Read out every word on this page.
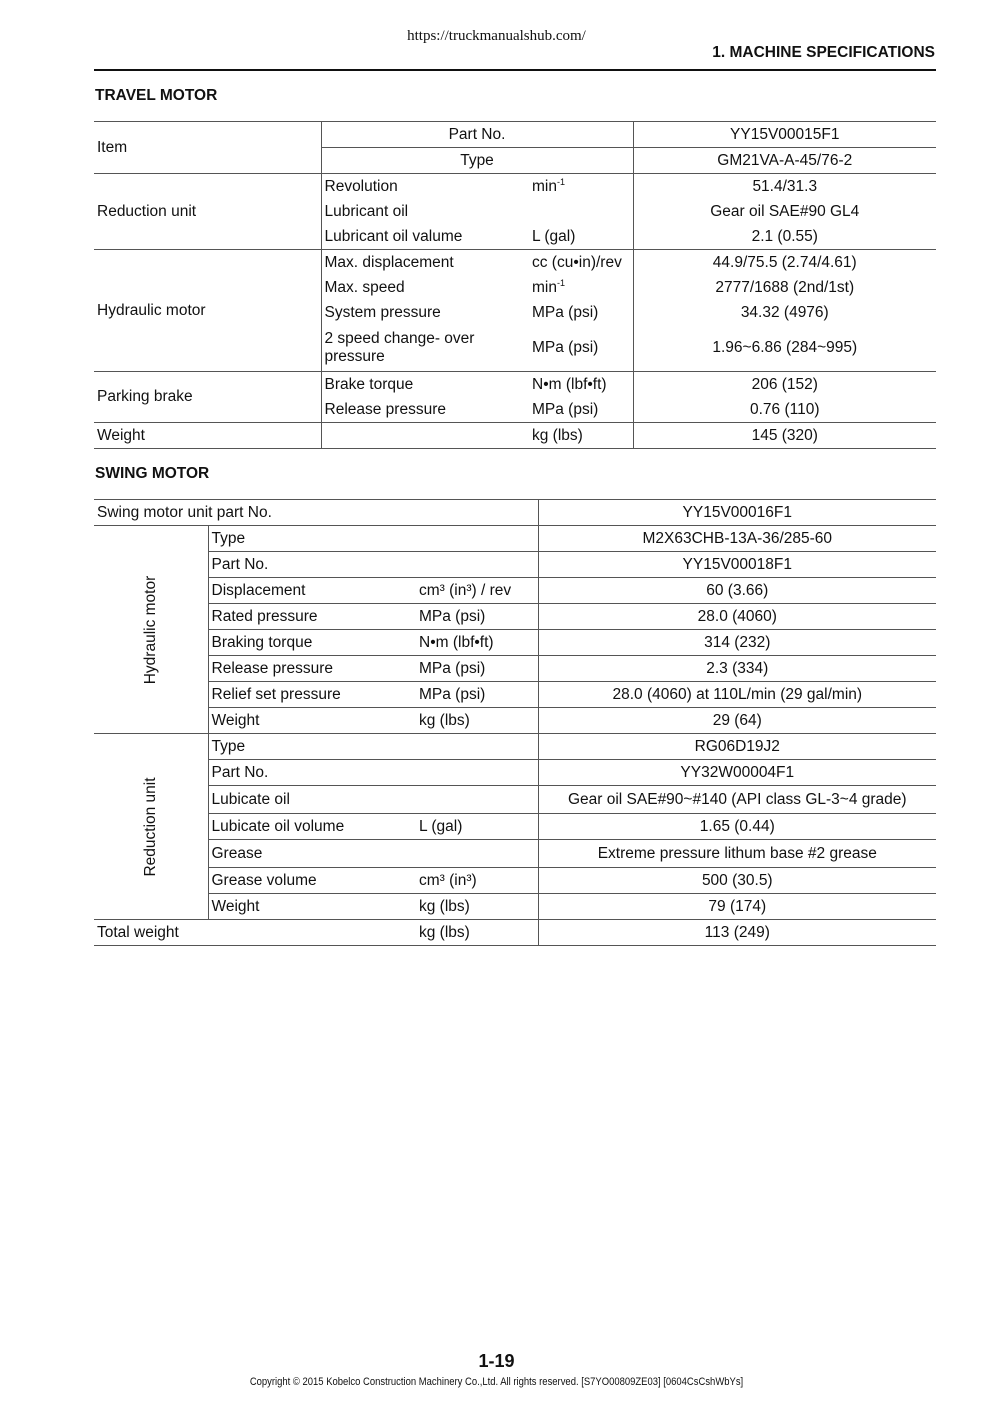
https://truckmanualshub.com/
1. MACHINE SPECIFICATIONS
TRAVEL MOTOR
Item	Part No.		YY15V00015F1
	Type		GM21VA-A-45/76-2
Reduction unit	Revolution	$\min^{-1}$	51.4/31.3
	Lubricant oil		Gear oil SAE#90 GL4
	Lubricant oil valume	L (gal)	2.1 (0.55)
Hydraulic motor	Max. displacement	cc (cu•in)/rev	44.9/75.5 (2.74/4.61)
	Max. speed	$\min^{-1}$	2777/1688 (2nd/1st)
	System pressure	MPa (psi)	34.32 (4976)
	2 speed change- over pressure	MPa (psi)	1.96~6.86 (284~995)
Parking brake	Brake torque	N•m (lbf•ft)	206 (152)
	Release pressure	MPa (psi)	0.76 (110)
Weight		kg (lbs)	145 (320)
SWING MOTOR
Swing motor unit part No.			YY15V00016F1

Hydraulic motor	Type		M2X63CHB-13A-36/285-60
	Part No.		YY15V00018F1
	Displacement	cm³ (in³) / rev	60 (3.66)
	Rated pressure	MPa (psi)	28.0 (4060)
	Braking torque	N•m (lbf•ft)	314 (232)
	Release pressure	MPa (psi)	2.3 (334)
	Relief set pressure	MPa (psi)	28.0 (4060) at 110L/min (29 gal/min)
	Weight	kg (lbs)	29 (64)

Reduction unit	Type		RG06D19J2
	Part No.		YY32W00004F1
	Lubicate oil		Gear oil SAE#90~#140 (API class GL-3~4 grade)
	Lubicate oil volume	L (gal)	1.65 (0.44)
	Grease		Extreme pressure lithum base #2 grease
	Grease volume	cm³ (in³)	500 (30.5)
	Weight	kg (lbs)	79 (174)
Total weight		kg (lbs)	113 (249)
1-19
Copyright © 2015 Kobelco Construction Machinery Co.,Ltd. All rights reserved. [S7YO00809ZE03] [0604CsCshWbYs]
